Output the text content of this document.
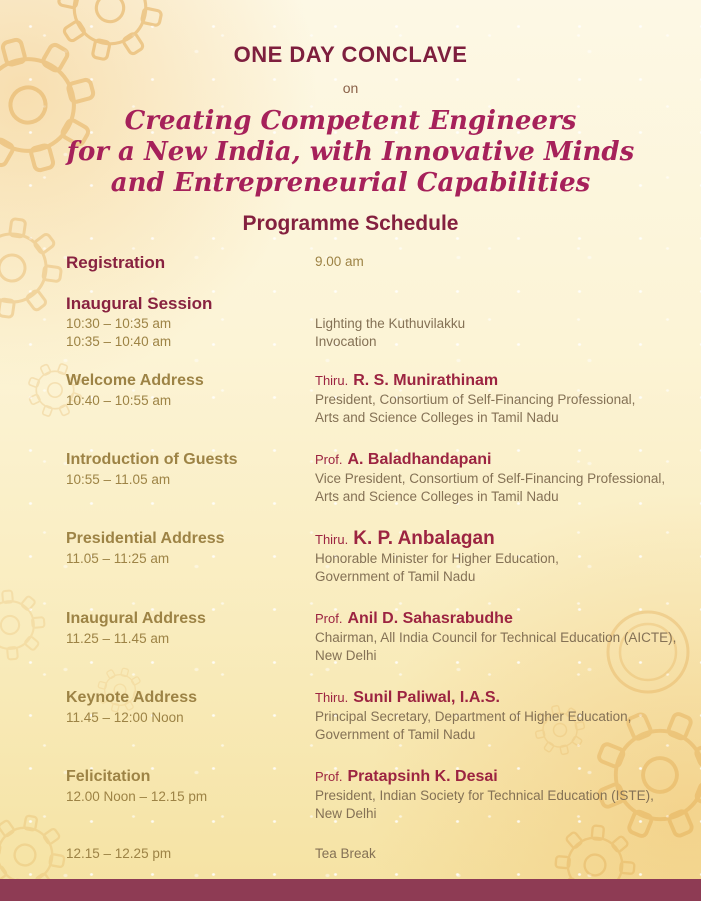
ONE DAY CONCLAVE
on
Creating Competent Engineers
for a New India, with Innovative Minds
and Entrepreneurial Capabilities
Programme Schedule
Registration	9.00 am
Inaugural Session
10:30 – 10:35 am
10:35 – 10:40 am
Lighting the Kuthuvilakku
Invocation
Welcome Address
10:40 – 10:55 am
Thiru. R. S. Munirathinam
President, Consortium of Self-Financing Professional,
Arts and Science Colleges in Tamil Nadu
Introduction of Guests
10:55 – 11.05 am
Prof. A. Baladhandapani
Vice President, Consortium of Self-Financing Professional,
Arts and Science Colleges in Tamil Nadu
Presidential Address
11.05 – 11:25 am
Thiru. K. P. Anbalagan
Honorable Minister for Higher Education,
Government of Tamil Nadu
Inaugural Address
11.25 – 11.45 am
Prof. Anil D. Sahasrabudhe
Chairman, All India Council for Technical Education (AICTE),
New Delhi
Keynote Address
11.45 – 12:00 Noon
Thiru. Sunil Paliwal, I.A.S.
Principal Secretary, Department of Higher Education,
Government of Tamil Nadu
Felicitation
12.00 Noon – 12.15 pm
Prof. Pratapsinh K. Desai
President, Indian Society for Technical Education (ISTE),
New Delhi
12.15 – 12.25 pm	Tea Break
